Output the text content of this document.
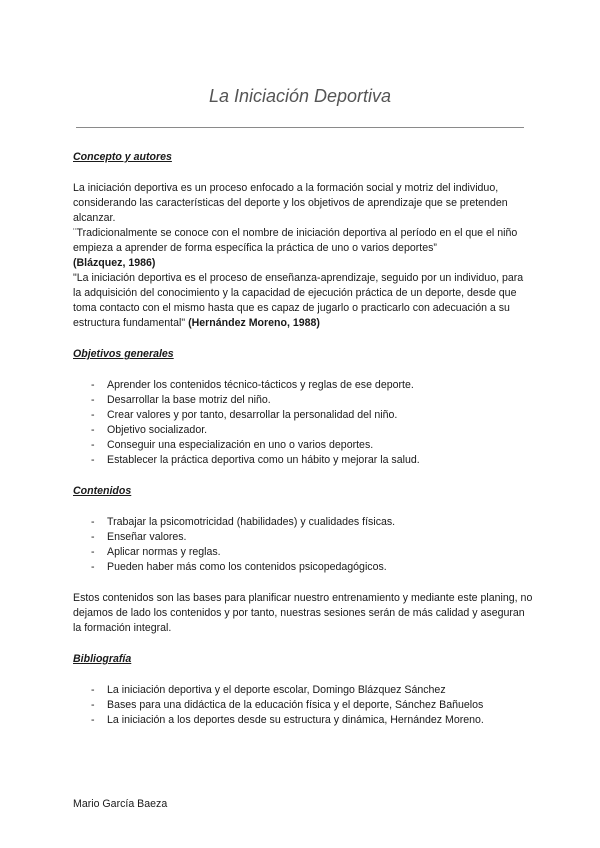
La Iniciación Deportiva

Concepto y autores

La iniciación deportiva es un proceso enfocado a la formación social y motriz del individuo, considerando las características del deporte y los objetivos de aprendizaje que se pretenden alcanzar.

¨Tradicionalmente se conoce con el nombre de iniciación deportiva al período en el que el niño empieza a aprender de forma específica la práctica de uno o varios deportes”

(Blázquez, 1986)

"La iniciación deportiva es el proceso de enseñanza-aprendizaje, seguido por un individuo, para la adquisición del conocimiento y la capacidad de ejecución práctica de un deporte, desde que toma contacto con el mismo hasta que es capaz de jugarlo o practicarlo con adecuación a su estructura fundamental" (Hernández Moreno, 1988)

Objetivos generales

- Aprender los contenidos técnico-tácticos y reglas de ese deporte.
- Desarrollar la base motriz del niño.
- Crear valores y por tanto, desarrollar la personalidad del niño.
- Objetivo socializador.
- Conseguir una especialización en uno o varios deportes.
- Establecer la práctica deportiva como un hábito y mejorar la salud.

Contenidos

- Trabajar la psicomotricidad (habilidades) y cualidades físicas.
- Enseñar valores.
- Aplicar normas y reglas.
- Pueden haber más como los contenidos psicopedagógicos.

Estos contenidos son las bases para planificar nuestro entrenamiento y mediante este planing, no dejamos de lado los contenidos y por tanto, nuestras sesiones serán de más calidad y aseguran la formación integral.

Bibliografía

- La iniciación deportiva y el deporte escolar, Domingo Blázquez Sánchez
- Bases para una didáctica de la educación física y el deporte, Sánchez Bañuelos
- La iniciación a los deportes desde su estructura y dinámica, Hernández Moreno.
Mario García Baeza
